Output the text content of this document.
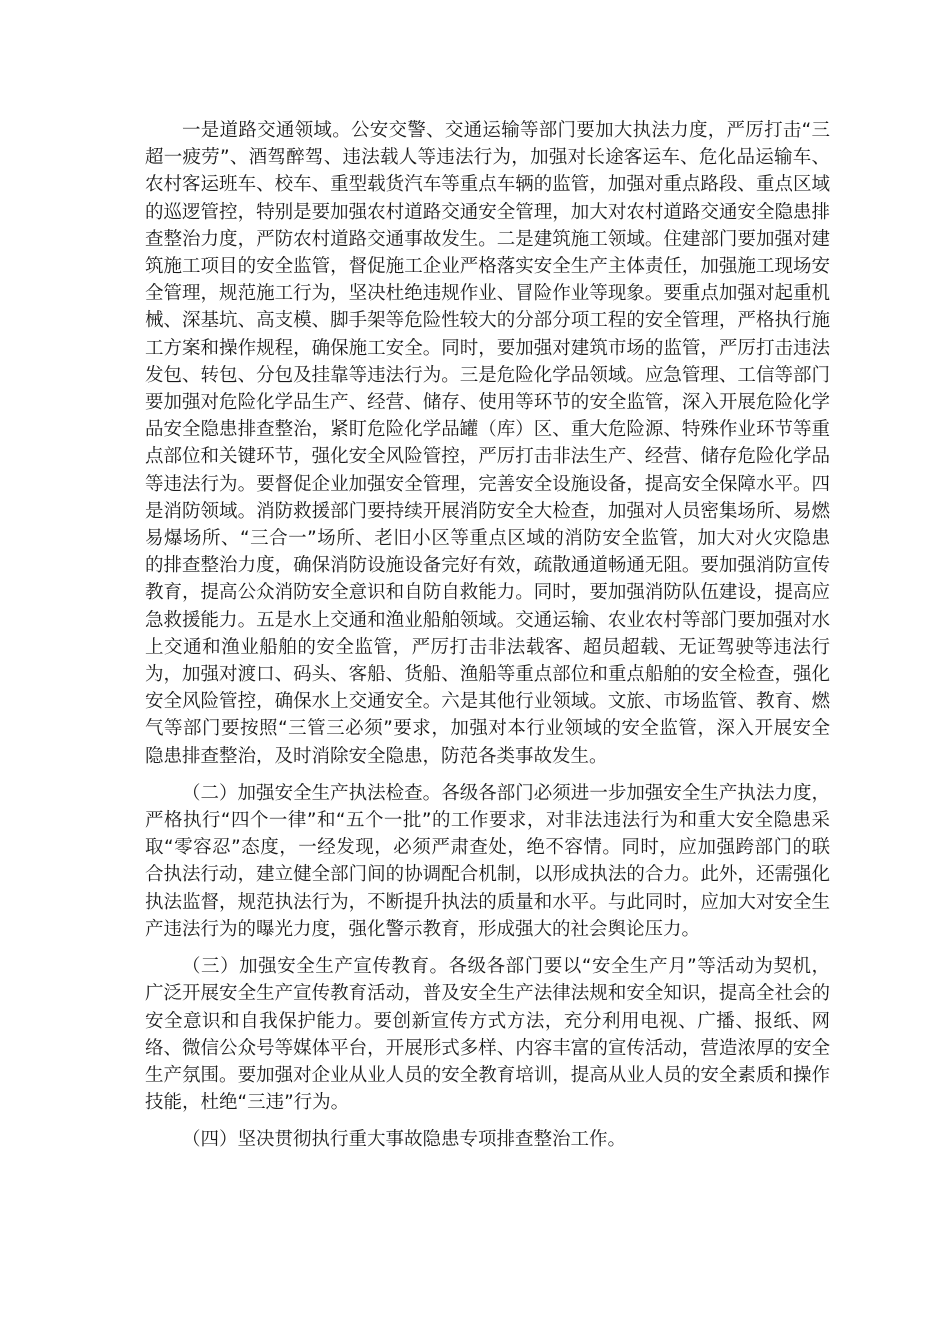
一是道路交通领域。公安交警、交通运输等部门要加大执法力度，严厉打击“三超一疲劳”、酒驾醉驾、违法载人等违法行为，加强对长途客运车、危化品运输车、农村客运班车、校车、重型载货汽车等重点车辆的监管，加强对重点路段、重点区域的巡逻管控，特别是要加强农村道路交通安全管理，加大对农村道路交通安全隐患排查整治力度，严防农村道路交通事故发生。二是建筑施工领域。住建部门要加强对建筑施工项目的安全监管，督促施工企业严格落实安全生产主体责任，加强施工现场安全管理，规范施工行为，坚决杜绝违规作业、冒险作业等现象。要重点加强对起重机械、深基坑、高支模、脚手架等危险性较大的分部分项工程的安全管理，严格执行施工方案和操作规程，确保施工安全。同时，要加强对建筑市场的监管，严厉打击违法发包、转包、分包及挂靠等违法行为。三是危险化学品领域。应急管理、工信等部门要加强对危险化学品生产、经营、储存、使用等环节的安全监管，深入开展危险化学品安全隐患排查整治，紧盯危险化学品罐（库）区、重大危险源、特殊作业环节等重点部位和关键环节，强化安全风险管控，严厉打击非法生产、经营、储存危险化学品等违法行为。要督促企业加强安全管理，完善安全设施设备，提高安全保障水平。四是消防领域。消防救援部门要持续开展消防安全大检查，加强对人员密集场所、易燃易爆场所、“三合一”场所、老旧小区等重点区域的消防安全监管，加大对火灾隐患的排查整治力度，确保消防设施设备完好有效，疏散通道畅通无阻。要加强消防宣传教育，提高公众消防安全意识和自防自救能力。同时，要加强消防队伍建设，提高应急救援能力。五是水上交通和渔业船舶领域。交通运输、农业农村等部门要加强对水上交通和渔业船舶的安全监管，严厉打击非法载客、超员超载、无证驾驶等违法行为，加强对渡口、码头、客船、货船、渔船等重点部位和重点船舶的安全检查，强化安全风险管控，确保水上交通安全。六是其他行业领域。文旅、市场监管、教育、燃气等部门要按照“三管三必须”要求，加强对本行业领域的安全监管，深入开展安全隐患排查整治，及时消除安全隐患，防范各类事故发生。

（二）加强安全生产执法检查。各级各部门必须进一步加强安全生产执法力度，严格执行“四个一律”和“五个一批”的工作要求，对非法违法行为和重大安全隐患采取“零容忍”态度，一经发现，必须严肃查处，绝不容情。同时，应加强跨部门的联合执法行动，建立健全部门间的协调配合机制，以形成执法的合力。此外，还需强化执法监督，规范执法行为，不断提升执法的质量和水平。与此同时，应加大对安全生产违法行为的曝光力度，强化警示教育，形成强大的社会舆论压力。

（三）加强安全生产宣传教育。各级各部门要以“安全生产月”等活动为契机，广泛开展安全生产宣传教育活动，普及安全生产法律法规和安全知识，提高全社会的安全意识和自我保护能力。要创新宣传方式方法，充分利用电视、广播、报纸、网络、微信公众号等媒体平台，开展形式多样、内容丰富的宣传活动，营造浓厚的安全生产氛围。要加强对企业从业人员的安全教育培训，提高从业人员的安全素质和操作技能，杜绝“三违”行为。

（四）坚决贯彻执行重大事故隐患专项排查整治工作。
